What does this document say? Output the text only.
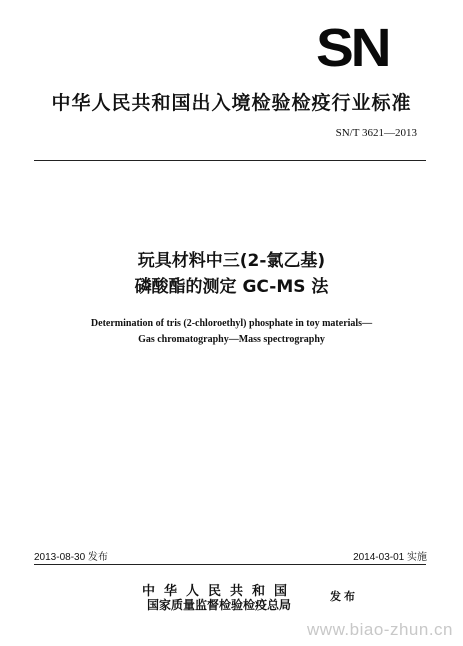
SN
中华人民共和国出入境检验检疫行业标准
SN/T 3621—2013
玩具材料中三(2-氯乙基)
磷酸酯的测定 GC-MS 法
Determination of tris (2-chloroethyl) phosphate in toy materials—
Gas chromatography—Mass spectrography
2013-08-30 发布	2014-03-01 实施
中华人民共和国
国家质量监督检验检疫总局
发布
www.biao-zhun.cn
